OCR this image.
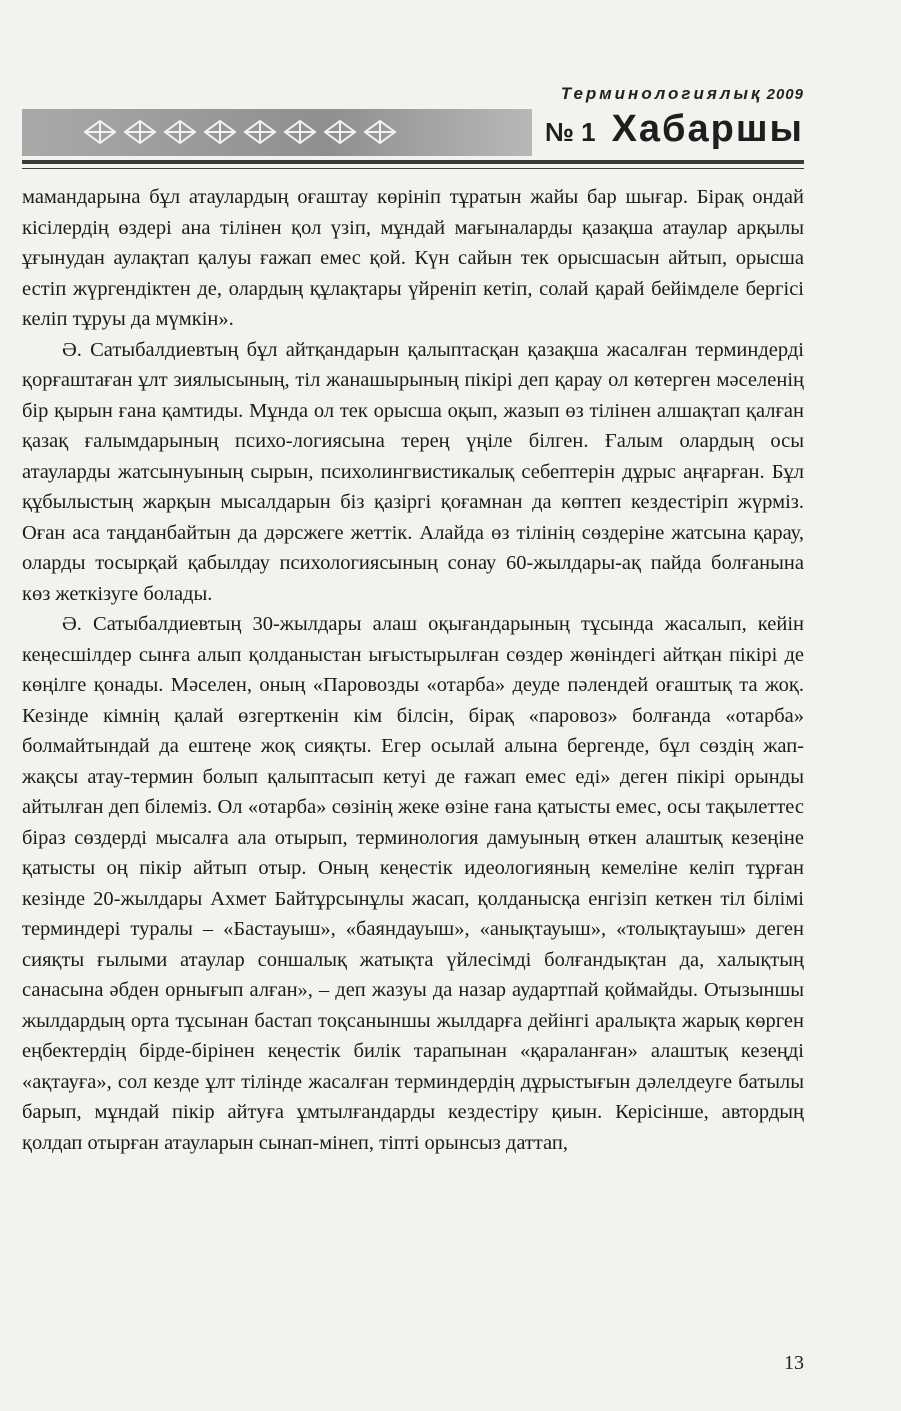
Терминологиялық 2009
№ 1 Хабаршы

мамандарына бұл атаулардың оғаштау көрініп тұратын жайы бар шығар. Бірақ ондай кісілердің өздері ана тілінен қол үзіп, мұндай мағыналарды қазақша атаулар арқылы ұғынудан аулақтап қалуы ғажап емес қой. Күн сайын тек орысшасын айтып, орысша естіп жүргендіктен де, олардың құлақтары үйреніп кетіп, солай қарай бейімделе бергісі келіп тұруы да мүмкін».

Ә. Сатыбалдиевтың бұл айтқандарын қалыптасқан қазақша жасалған терминдерді қорғаштаған ұлт зиялысының, тіл жанашырының пікірі деп қарау ол көтерген мәселенің бір қырын ғана қамтиды. Мұнда ол тек орысша оқып, жазып өз тілінен алшақтап қалған қазақ ғалымдарының психо-логиясына терең үңіле білген. Ғалым олардың осы атауларды жатсынуының сырын, психолингвистикалық себептерін дұрыс аңғарған. Бұл құбылыстың жарқын мысалдарын біз қазіргі қоғамнан да көптеп кездестіріп жүрміз. Оған аса таңданбайтын да дәрсжеге жеттік. Алайда өз тілінің сөздеріне жатсына қарау, оларды тосырқай қабылдау психологиясының сонау 60-жылдары-ақ пайда болғанына көз жеткізуге болады.

Ә. Сатыбалдиевтың 30-жылдары алаш оқығандарының тұсында жасалып, кейін кеңесшілдер сынға алып қолданыстан ығыстырылған сөздер жөніндегі айтқан пікірі де көңілге қонады. Мәселен, оның «Паровозды «отарба» деуде пәлендей оғаштық та жоқ. Кезінде кімнің қалай өзгерткенін кім білсін, бірақ «паровоз» болғанда «отарба» болмайтындай да ештеңе жоқ сияқты. Егер осылай алына бергенде, бұл сөздің жап-жақсы атау-термин болып қалыптасып кетуі де ғажап емес еді» деген пікірі орынды айтылған деп білеміз. Ол «отарба» сөзінің жеке өзіне ғана қатысты емес, осы тақылеттес біраз сөздерді мысалға ала отырып, терминология дамуының өткен алаштық кезеңіне қатысты оң пікір айтып отыр. Оның кеңестік идеологияның кемеліне келіп тұрған кезінде 20-жылдары Ахмет Байтұрсынұлы жасап, қолданысқа енгізіп кеткен тіл білімі терминдері туралы – «Бастауыш», «баяндауыш», «анықтауыш», «толықтауыш» деген сияқты ғылыми атаулар соншалық жатықта үйлесімді болғандықтан да, халықтың санасына әбден орнығып алған», – деп жазуы да назар аудартпай қоймайды. Отызыншы жылдардың орта тұсынан бастап тоқсаныншы жылдарға дейінгі аралықта жарық көрген еңбектердің бірде-бірінен кеңестік билік тарапынан «қараланған» алаштық кезеңді «ақтауға», сол кезде ұлт тілінде жасалған терминдердің дұрыстығын дәлелдеуге батылы барып, мұндай пікір айтуға ұмтылғандарды кездестіру қиын. Керісінше, автордың қолдап отырған атауларын сынап-мінеп, тіпті орынсыз даттап,

13
